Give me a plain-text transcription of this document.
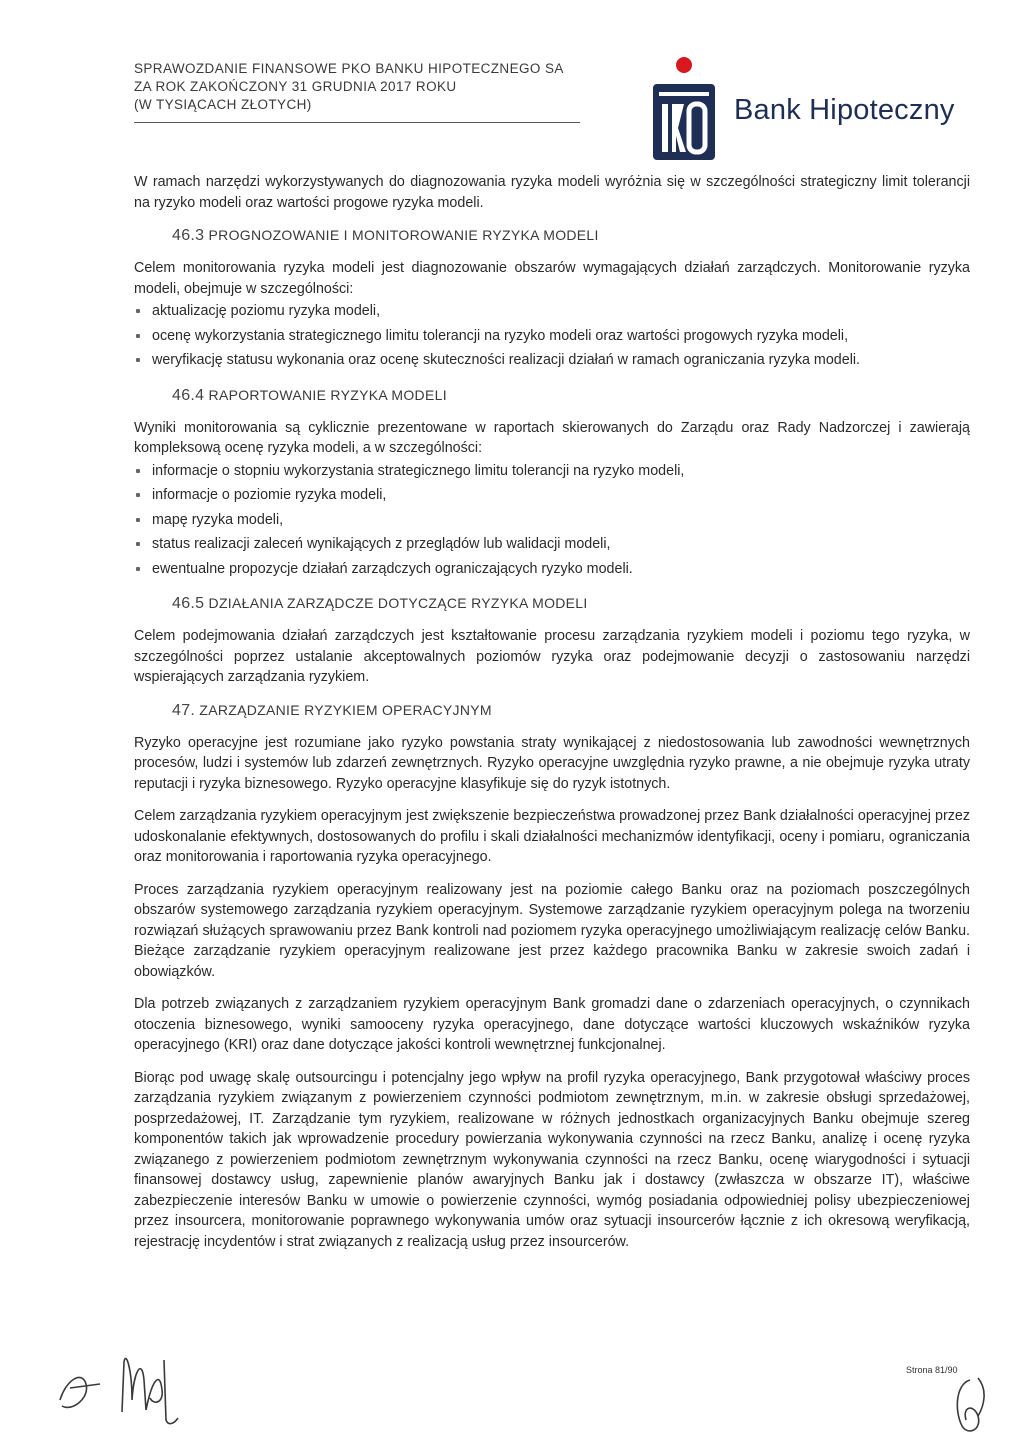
SPRAWOZDANIE FINANSOWE PKO BANKU HIPOTECZNEGO SA
ZA ROK ZAKOŃCZONY 31 GRUDNIA 2017 ROKU
(W TYSIĄCACH ZŁOTYCH)	Bank Hipoteczny

W ramach narzędzi wykorzystywanych do diagnozowania ryzyka modeli wyróżnia się w szczególności strategiczny limit tolerancji na ryzyko modeli oraz wartości progowe ryzyka modeli.

46.3 PROGNOZOWANIE I MONITOROWANIE RYZYKA MODELI

Celem monitorowania ryzyka modeli jest diagnozowanie obszarów wymagających działań zarządczych. Monitorowanie ryzyka modeli, obejmuje w szczególności:

aktualizację poziomu ryzyka modeli,
ocenę wykorzystania strategicznego limitu tolerancji na ryzyko modeli oraz wartości progowych ryzyka modeli,
weryfikację statusu wykonania oraz ocenę skuteczności realizacji działań w ramach ograniczania ryzyka modeli.
46.4 RAPORTOWANIE RYZYKA MODELI

Wyniki monitorowania są cyklicznie prezentowane w raportach skierowanych do Zarządu oraz Rady Nadzorczej i zawierają kompleksową ocenę ryzyka modeli, a w szczególności:

informacje o stopniu wykorzystania strategicznego limitu tolerancji na ryzyko modeli,
informacje o poziomie ryzyka modeli,
mapę ryzyka modeli,
status realizacji zaleceń wynikających z przeglądów lub walidacji modeli,
ewentualne propozycje działań zarządczych ograniczających ryzyko modeli.
46.5 DZIAŁANIA ZARZĄDCZE DOTYCZĄCE RYZYKA MODELI

Celem podejmowania działań zarządczych jest kształtowanie procesu zarządzania ryzykiem modeli i poziomu tego ryzyka, w szczególności poprzez ustalanie akceptowalnych poziomów ryzyka oraz podejmowanie decyzji o zastosowaniu narzędzi wspierających zarządzania ryzykiem.

47. ZARZĄDZANIE RYZYKIEM OPERACYJNYM

Ryzyko operacyjne jest rozumiane jako ryzyko powstania straty wynikającej z niedostosowania lub zawodności wewnętrznych procesów, ludzi i systemów lub zdarzeń zewnętrznych. Ryzyko operacyjne uwzględnia ryzyko prawne, a nie obejmuje ryzyka utraty reputacji i ryzyka biznesowego. Ryzyko operacyjne klasyfikuje się do ryzyk istotnych.

Celem zarządzania ryzykiem operacyjnym jest zwiększenie bezpieczeństwa prowadzonej przez Bank działalności operacyjnej przez udoskonalanie efektywnych, dostosowanych do profilu i skali działalności mechanizmów identyfikacji, oceny i pomiaru, ograniczania oraz monitorowania i raportowania ryzyka operacyjnego.

Proces zarządzania ryzykiem operacyjnym realizowany jest na poziomie całego Banku oraz na poziomach poszczególnych obszarów systemowego zarządzania ryzykiem operacyjnym. Systemowe zarządzanie ryzykiem operacyjnym polega na tworzeniu rozwiązań służących sprawowaniu przez Bank kontroli nad poziomem ryzyka operacyjnego umożliwiającym realizację celów Banku. Bieżące zarządzanie ryzykiem operacyjnym realizowane jest przez każdego pracownika Banku w zakresie swoich zadań i obowiązków.

Dla potrzeb związanych z zarządzaniem ryzykiem operacyjnym Bank gromadzi dane o zdarzeniach operacyjnych, o czynnikach otoczenia biznesowego, wyniki samooceny ryzyka operacyjnego, dane dotyczące wartości kluczowych wskaźników ryzyka operacyjnego (KRI) oraz dane dotyczące jakości kontroli wewnętrznej funkcjonalnej.

Biorąc pod uwagę skalę outsourcingu i potencjalny jego wpływ na profil ryzyka operacyjnego, Bank przygotował właściwy proces zarządzania ryzykiem związanym z powierzeniem czynności podmiotom zewnętrznym, m.in. w zakresie obsługi sprzedażowej, posprzedażowej, IT. Zarządzanie tym ryzykiem, realizowane w różnych jednostkach organizacyjnych Banku obejmuje szereg komponentów takich jak wprowadzenie procedury powierzania wykonywania czynności na rzecz Banku, analizę i ocenę ryzyka związanego z powierzeniem podmiotom zewnętrznym wykonywania czynności na rzecz Banku, ocenę wiarygodności i sytuacji finansowej dostawcy usług, zapewnienie planów awaryjnych Banku jak i dostawcy (zwłaszcza w obszarze IT), właściwe zabezpieczenie interesów Banku w umowie o powierzenie czynności, wymóg posiadania odpowiedniej polisy ubezpieczeniowej przez insourcera, monitorowanie poprawnego wykonywania umów oraz sytuacji insourcerów łącznie z ich okresową weryfikacją, rejestrację incydentów i strat związanych z realizacją usług przez insourcerów.

Strona 81/90
